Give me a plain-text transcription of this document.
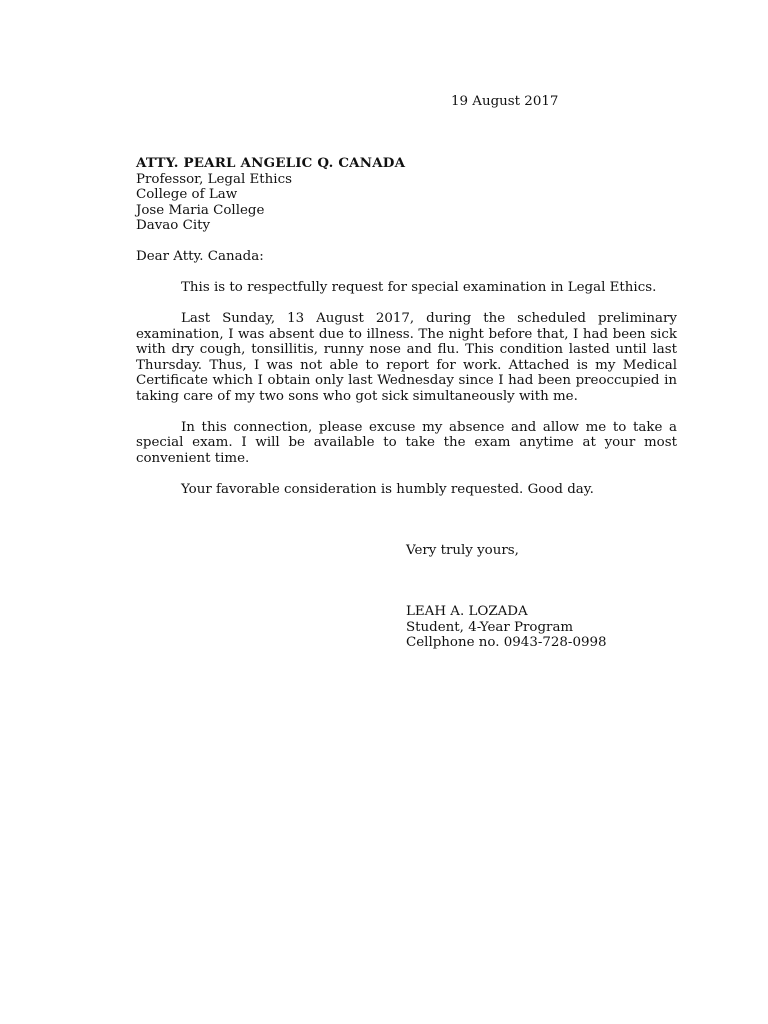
19 August 2017
ATTY. PEARL ANGELIC Q. CANADA
Professor, Legal Ethics
College of Law
Jose Maria College
Davao City
Dear Atty. Canada:

This is to respectfully request for special examination in Legal Ethics.

Last Sunday, 13 August 2017, during the scheduled preliminary examination, I was absent due to illness. The night before that, I had been sick with dry cough, tonsillitis, runny nose and flu. This condition lasted until last Thursday. Thus, I was not able to report for work. Attached is my Medical Certificate which I obtain only last Wednesday since I had been preoccupied in taking care of my two sons who got sick simultaneously with me.

In this connection, please excuse my absence and allow me to take a special exam. I will be available to take the exam anytime at your most convenient time.

Your favorable consideration is humbly requested. Good day.

Very truly yours,
LEAH A. LOZADA
Student, 4-Year Program
Cellphone no. 0943-728-0998
